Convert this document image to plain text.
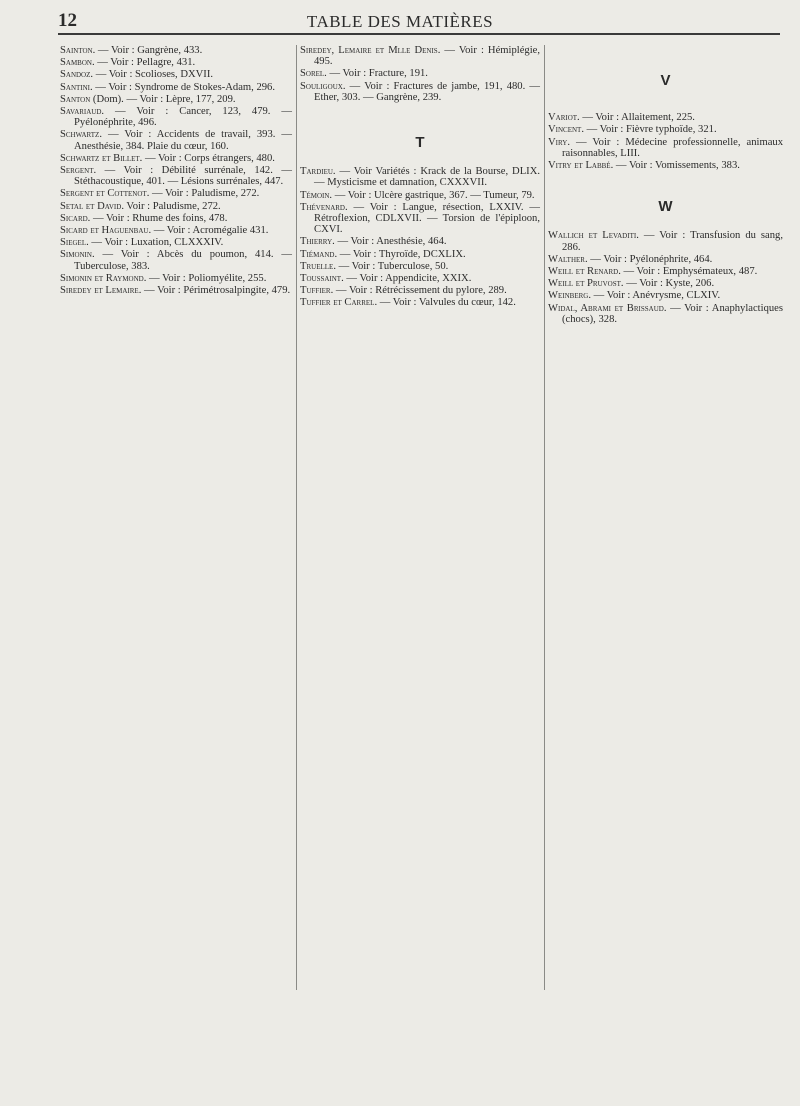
12	TABLE DES MATIÈRES
Sainton. — Voir : Gangrène, 433.
Sambon. — Voir : Pellagre, 431.
Sandoz. — Voir : Scolioses, DXVII.
Santini. — Voir : Syndrome de Stokes-Adam, 296.
Santon (Dom). — Voir : Lèpre, 177, 209.
Savariaud. — Voir : Cancer, 123, 479. — Pyélonéphrite, 496.
Schwartz. — Voir : Accidents de travail, 393. — Anesthésie, 384. Plaie du cœur, 160.
Schwartz et Billet. — Voir : Corps étrangers, 480.
Sergent. — Voir : Débilité surrénale, 142. — Stéthacoustique, 401. — Lésions surrénales, 447.
Sergent et Cottenot. — Voir : Paludisme, 272.
Setal et David. Voir : Paludisme, 272.
Sicard. — Voir : Rhume des foins, 478.
Sicard et Haguenbau. — Voir : Acromégalie 431.
Siegel. — Voir : Luxation, CLXXXIV.
Simonin. — Voir : Abcès du poumon, 414. — Tuberculose, 383.
Simonin et Raymond. — Voir : Poliomyélite, 255.
Siredey et Lemaire. — Voir : Périmétrosalpingite, 479.
Siredey, Lemaire et Mlle Denis. — Voir : Hémiplégie, 495.
Sorel. — Voir : Fracture, 191.
Souligoux. — Voir : Fractures de jambe, 191, 480. — Ether, 303. — Gangrène, 239.
T
Tardieu. — Voir Variétés : Krack de la Bourse, DLIX. — Mysticisme et damnation, CXXXVII.
Témoin. — Voir : Ulcère gastrique, 367. — Tumeur, 79.
Thévenard. — Voir : Langue, résection, LXXIV. — Rétroflexion, CDLXVII. — Torsion de l'épiploon, CXVI.
Thierry. — Voir : Anesthésie, 464.
Tiémand. — Voir : Thyroïde, DCXLIX.
Truelle. — Voir : Tuberculose, 50.
Toussaint. — Voir : Appendicite, XXIX.
Tuffier. — Voir : Rétrécissement du pylore, 289.
Tuffier et Carrel. — Voir : Valvules du cœur, 142.
V
Variot. — Voir : Allaitement, 225.
Vincent. — Voir : Fièvre typhoïde, 321.
Viry. — Voir : Médecine professionnelle, animaux raisonnables, LIII.
Vitry et Labbé. — Voir : Vomissements, 383.
W
Wallich et Levaditi. — Voir : Transfusion du sang, 286.
Walther. — Voir : Pyélonéphrite, 464.
Weill et Renard. — Voir : Emphysémateux, 487.
Weill et Pruvost. — Voir : Kyste, 206.
Weinberg. — Voir : Anévrysme, CLXIV.
Widal, Abrami et Brissaud. — Voir : Anaphylactiques (chocs), 328.
